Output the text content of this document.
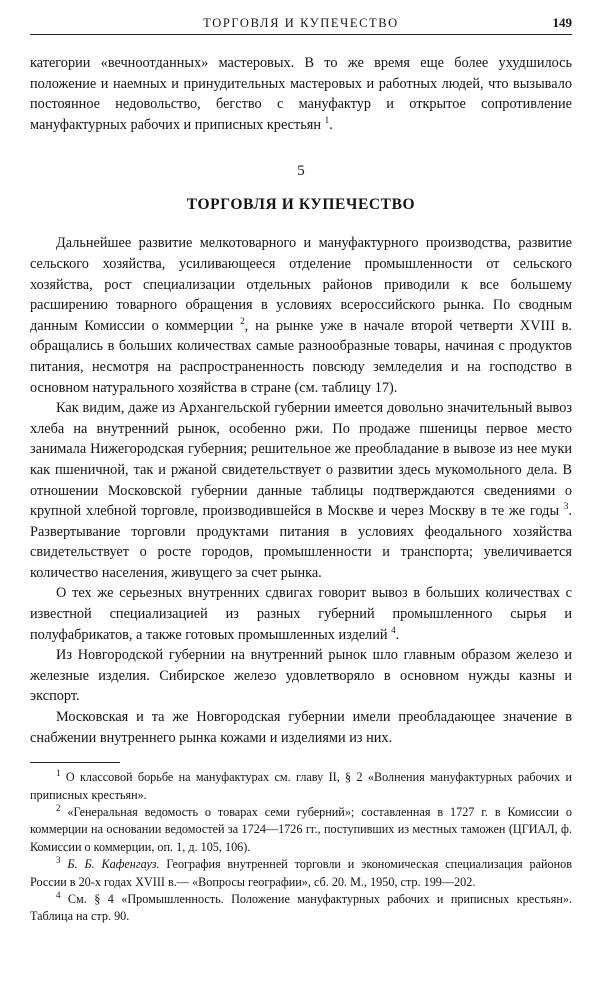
ТОРГОВЛЯ И КУПЕЧЕСТВО	149

категории «вечноотданных» мастеровых. В то же время еще более ухудшилось положение и наемных и принудительных мастеровых и работных людей, что вызывало постоянное недовольство, бегство с мануфактур и открытое сопротивление мануфактурных рабочих и приписных крестьян $^1$.

5
ТОРГОВЛЯ И КУПЕЧЕСТВО

Дальнейшее развитие мелкотоварного и мануфактурного производства, развитие сельского хозяйства, усиливающееся отделение промышленности от сельского хозяйства, рост специализации отдельных районов приводили к все большему расширению товарного обращения в условиях всероссийского рынка. По сводным данным Комиссии о коммерции $^2$, на рынке уже в начале второй четверти XVIII в. обращались в больших количествах самые разнообразные товары, начиная с продуктов питания, несмотря на распространенность повсюду земледелия и на господство в основном натурального хозяйства в стране (см. таблицу 17).

Как видим, даже из Архангельской губернии имеется довольно значительный вывоз хлеба на внутренний рынок, особенно ржи. По продаже пшеницы первое место занимала Нижегородская губерния; решительное же преобладание в вывозе из нее муки как пшеничной, так и ржаной свидетельствует о развитии здесь мукомольного дела. В отношении Московской губернии данные таблицы подтверждаются сведениями о крупной хлебной торговле, производившейся в Москве и через Москву в те же годы $^3$. Развертывание торговли продуктами питания в условиях феодального хозяйства свидетельствует о росте городов, промышленности и транспорта; увеличивается количество населения, живущего за счет рынка.

О тех же серьезных внутренних сдвигах говорит вывоз в больших количествах с известной специализацией из разных губерний промышленного сырья и полуфабрикатов, а также готовых промышленных изделий $^4$.

Из Новгородской губернии на внутренний рынок шло главным образом железо и железные изделия. Сибирское железо удовлетворяло в основном нужды казны и экспорт.

Московская и та же Новгородская губернии имели преобладающее значение в снабжении внутреннего рынка кожами и изделиями из них.

$^1$ О классовой борьбе на мануфактурах см. главу II, § 2 «Волнения мануфактурных рабочих и приписных крестьян».

$^2$ «Генеральная ведомость о товарах семи губерний»; составленная в 1727 г. в Комиссии о коммерции на основании ведомостей за 1724—1726 гг., поступивших из местных таможен (ЦГИАЛ, ф. Комиссии о коммерции, оп. 1, д. 105, 106).

$^3$ Б. Б. Кафенгауз. География внутренней торговли и экономическая специализация районов России в 20-х годах XVIII в.— «Вопросы географии», сб. 20. М., 1950, стр. 199—202.

$^4$ См. § 4 «Промышленность. Положение мануфактурных рабочих и приписных крестьян». Таблица на стр. 90.
